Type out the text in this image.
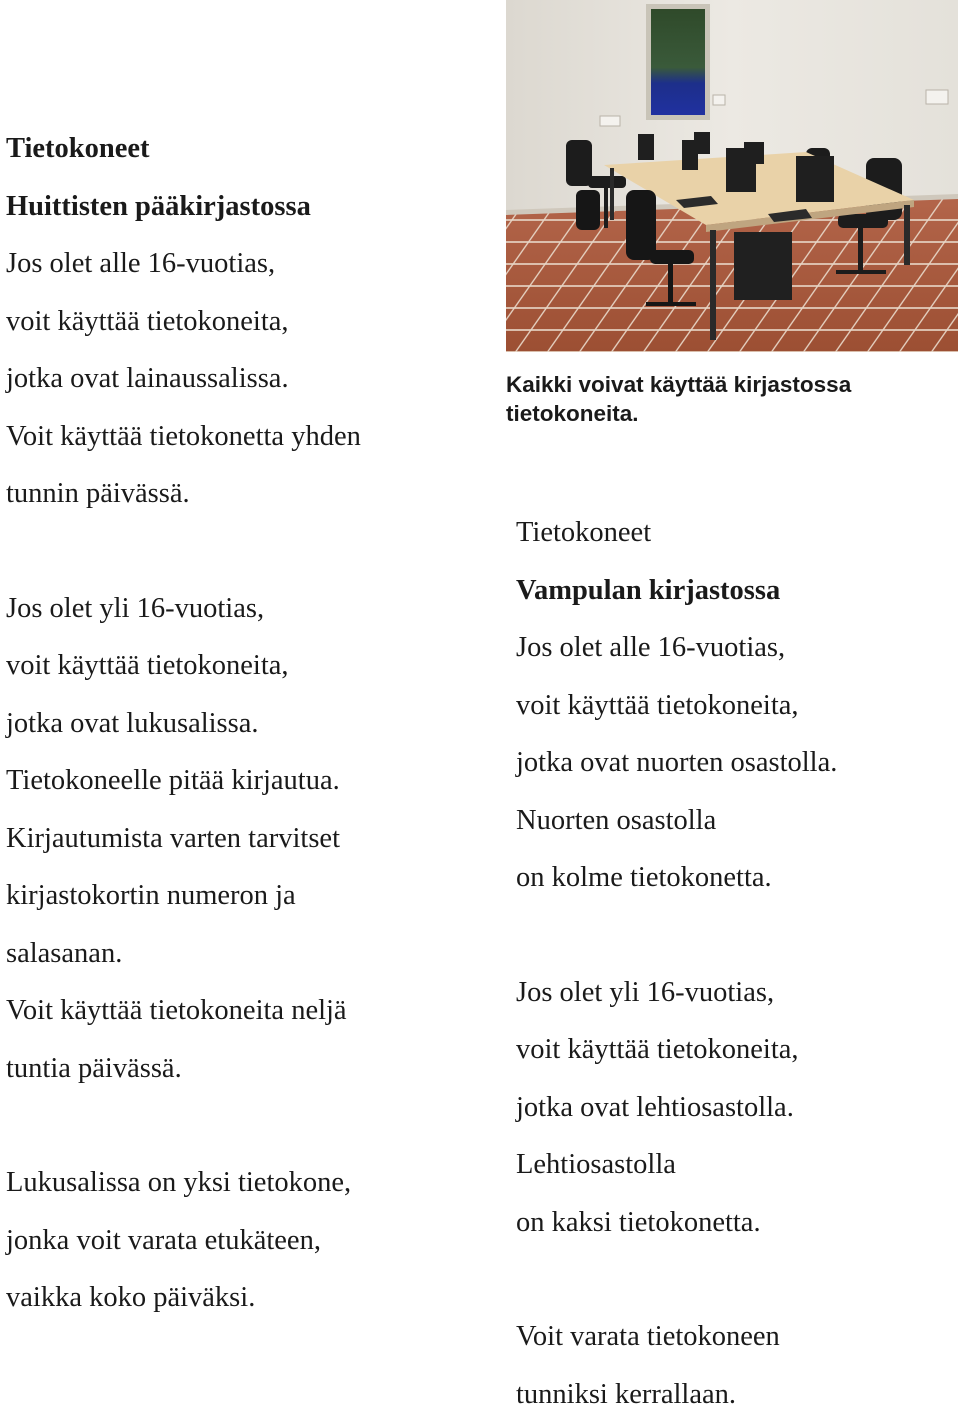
Tietokoneet
Huittisten pääkirjastossa
Jos olet alle 16-vuotias,
voit käyttää tietokoneita,
jotka ovat lainaussalissa.
Voit käyttää tietokonetta yhden
tunnin päivässä.
Jos olet yli 16-vuotias,
voit käyttää tietokoneita,
jotka ovat lukusalissa.
Tietokoneelle pitää kirjautua.
Kirjautumista varten tarvitset
kirjastokortin numeron ja
salasanan.
Voit käyttää tietokoneita neljä
tuntia päivässä.
Lukusalissa on yksi tietokone,
jonka voit varata etukäteen,
vaikka koko päiväksi.
Kaikki voivat käyttää kirjastossa tietokoneita.
Tietokoneet
Vampulan kirjastossa
Jos olet alle 16-vuotias,
voit käyttää tietokoneita,
jotka ovat nuorten osastolla.
Nuorten osastolla
on kolme tietokonetta.
Jos olet yli 16-vuotias,
voit käyttää tietokoneita,
jotka ovat lehtiosastolla.
Lehtiosastolla
on kaksi tietokonetta.
Voit varata tietokoneen
tunniksi kerrallaan.
